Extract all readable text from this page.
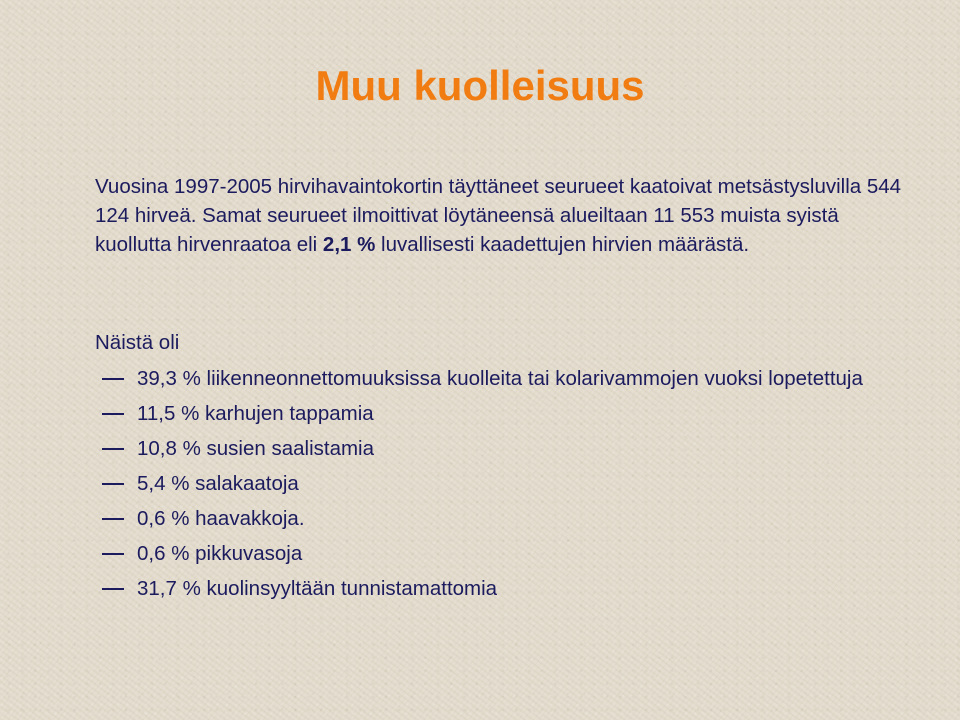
Muu kuolleisuus

Vuosina 1997-2005 hirvihavaintokortin täyttäneet seurueet kaatoivat metsästysluvilla 544 124 hirveä. Samat seurueet ilmoittivat löytäneensä alueiltaan 11 553 muista syistä kuollutta hirvenraatoa eli 2,1 % luvallisesti kaadettujen hirvien määrästä.

Näistä oli

39,3 % liikenneonnettomuuksissa kuolleita tai kolarivammojen vuoksi lopetettuja
11,5 % karhujen tappamia
10,8 % susien saalistamia
5,4 % salakaatoja
0,6 % haavakkoja.
0,6 % pikkuvasoja
31,7 % kuolinsyyltään tunnistamattomia
